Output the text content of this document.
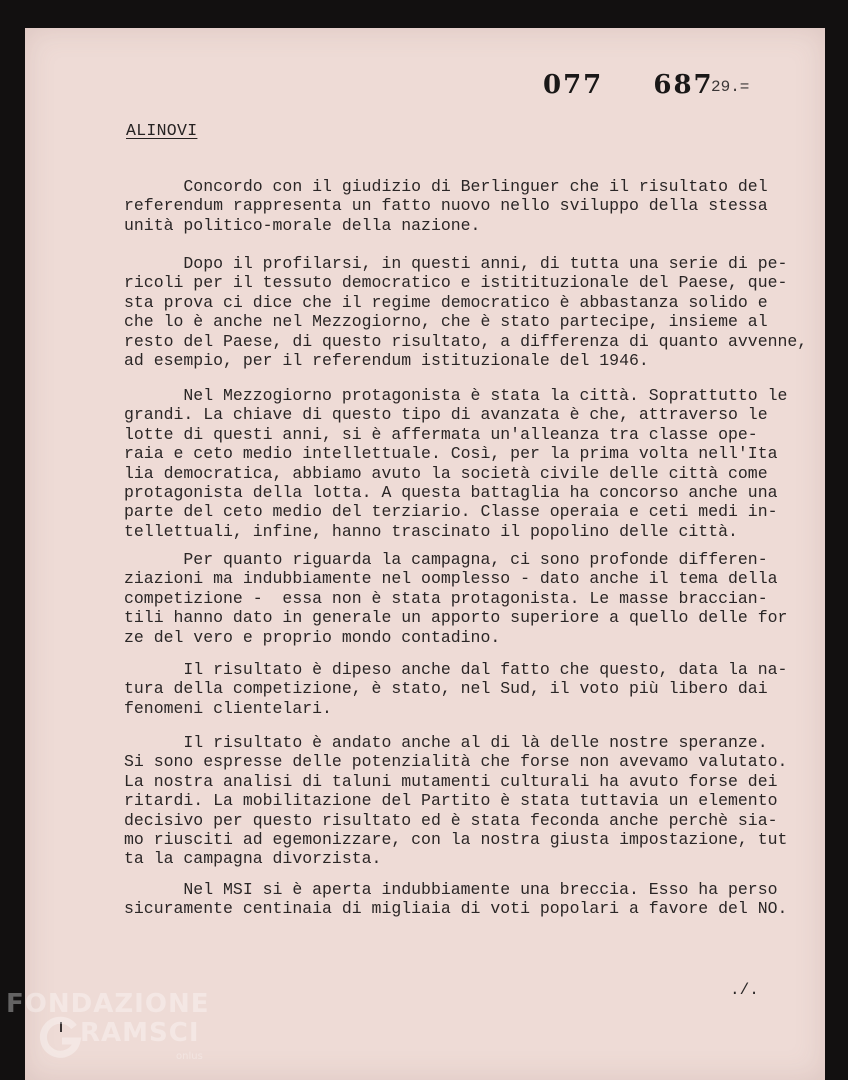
077  687
29.=
ALINOVI

Concordo con il giudizio di Berlinguer che il risultato del
referendum rappresenta un fatto nuovo nello sviluppo della stessa
unità politico-morale della nazione.

Dopo il profilarsi, in questi anni, di tutta una serie di pe-
ricoli per il tessuto democratico e istitituzionale del Paese, que-
sta prova ci dice che il regime democratico è abbastanza solido e
che lo è anche nel Mezzogiorno, che è stato partecipe, insieme al
resto del Paese, di questo risultato, a differenza di quanto avvenne,
ad esempio, per il referendum istituzionale del 1946.

Nel Mezzogiorno protagonista è stata la città. Soprattutto le
grandi. La chiave di questo tipo di avanzata è che, attraverso le
lotte di questi anni, si è affermata un'alleanza tra classe ope-
raia e ceto medio intellettuale. Così, per la prima volta nell'Ita
lia democratica, abbiamo avuto la società civile delle città come
protagonista della lotta. A questa battaglia ha concorso anche una
parte del ceto medio del terziario. Classe operaia e ceti medi in-
tellettuali, infine, hanno trascinato il popolino delle città.

Per quanto riguarda la campagna, ci sono profonde differen-
ziazioni ma indubbiamente nel oomplesso - dato anche il tema della
competizione -  essa non è stata protagonista. Le masse braccian-
tili hanno dato in generale un apporto superiore a quello delle for
ze del vero e proprio mondo contadino.

Il risultato è dipeso anche dal fatto che questo, data la na-
tura della competizione, è stato, nel Sud, il voto più libero dai
fenomeni clientelari.

Il risultato è andato anche al di là delle nostre speranze.
Si sono espresse delle potenzialità che forse non avevamo valutato.
La nostra analisi di taluni mutamenti culturali ha avuto forse dei
ritardi. La mobilitazione del Partito è stata tuttavia un elemento
decisivo per questo risultato ed è stata feconda anche perchè sia-
mo riusciti ad egemonizzare, con la nostra giusta impostazione, tut
ta la campagna divorzista.

Nel MSI si è aperta indubbiamente una breccia. Esso ha perso
sicuramente centinaia di migliaia di voti popolari a favore del NO.

./.
FONDAZIONE
RAMSCI
onlus
